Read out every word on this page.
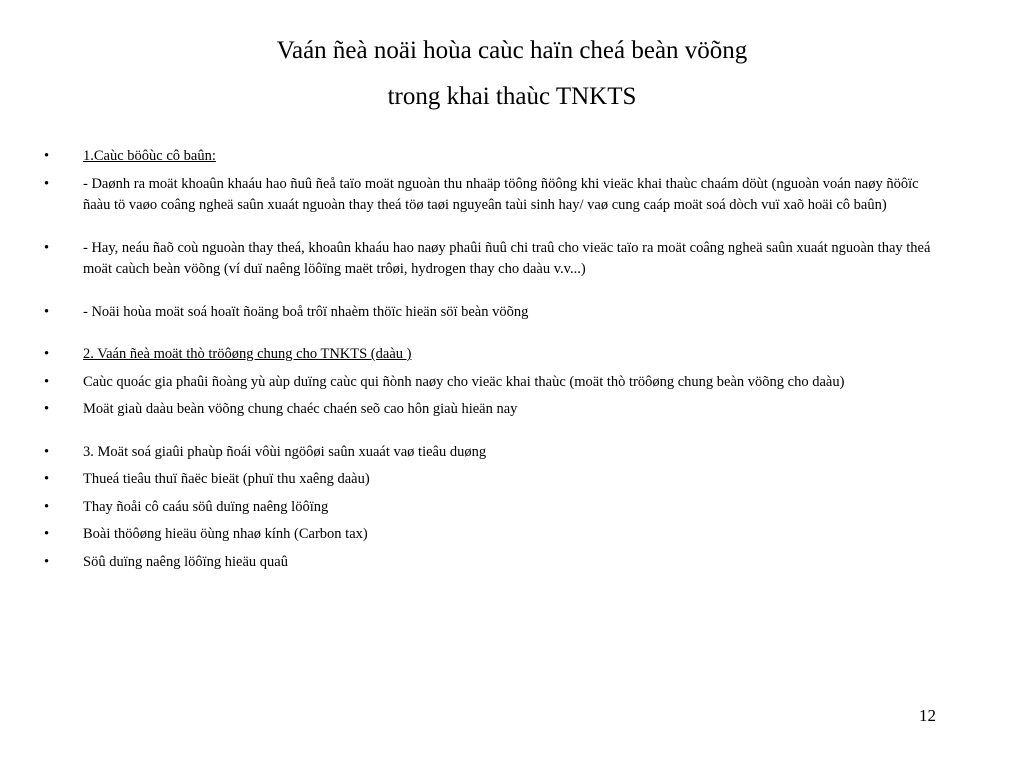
Vaán ñeà noäi hoùa caùc haïn cheá beàn vöõng
trong khai thaùc TNKTS
•	1.Caùc böôùc cô baûn:
•	- Daønh ra moät khoaûn khaáu hao ñuû ñeå taïo moät nguoàn thu nhaäp töông ñöông khi vieäc khai thaùc chaám döùt (nguoàn voán naøy ñöôïc ñaàu tö vaøo coâng ngheä saûn xuaát nguoàn thay theá töø taøi nguyeân taùi sinh hay/ vaø cung caáp moät soá dòch vuï xaõ hoäi cô baûn)
•	- Hay, neáu ñaõ coù nguoàn thay theá, khoaûn khaáu hao naøy phaûi ñuû chi traû cho vieäc taïo ra moät coâng ngheä saûn xuaát nguoàn thay theá moät caùch beàn vöõng (ví duï naêng löôïng maët trôøi, hydrogen thay cho daàu v.v...)
•	- Noäi hoùa moät soá hoaït ñoäng boå trôï nhaèm thöïc hieän söï beàn vöõng
•	2. Vaán ñeà moät thò tröôøng chung cho TNKTS (daàu )
•	Caùc quoác gia phaûi ñoàng yù aùp duïng caùc qui ñònh naøy cho vieäc khai thaùc (moät thò tröôøng chung beàn vöõng cho daàu)
•	Moät giaù daàu beàn vöõng chung chaéc chaén seõ cao hôn giaù hieän nay
•	3. Moät soá giaûi phaùp ñoái vôùi ngöôøi saûn xuaát vaø tieâu duøng
•	Thueá tieâu thuï ñaëc bieät (phuï thu xaêng daàu)
•	Thay ñoåi cô caáu söû duïng naêng löôïng
•	Boài thöôøng hieäu öùng nhaø kính (Carbon tax)
•	Söû duïng naêng löôïng hieäu quaû
12
